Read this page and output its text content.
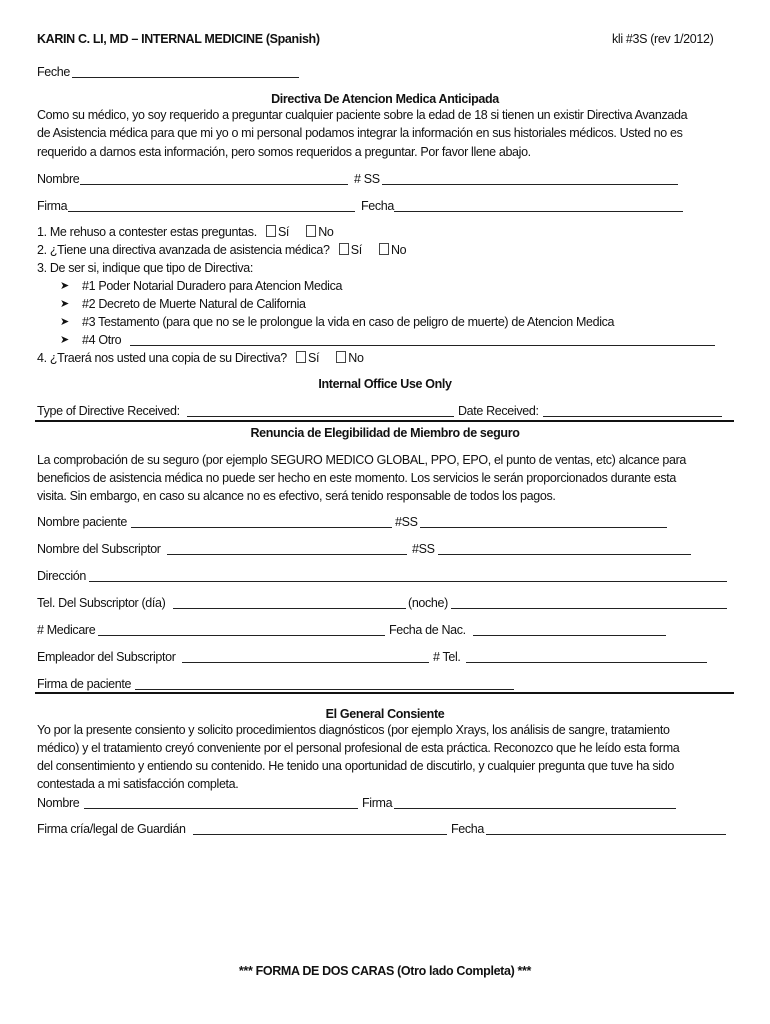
KARIN C. LI, MD – INTERNAL MEDICINE (Spanish)	kli #3S (rev 1/2012)
Feche
Directiva De Atencion Medica Anticipada
Como su médico, yo soy requerido a preguntar cualquier paciente sobre la edad de 18 si tienen un existir Directiva Avanzada
de Asistencia médica para que mi yo o mi personal podamos integrar la información en sus historiales médicos. Usted no es
requerido a darnos esta información, pero somos requeridos a preguntar. Por favor llene abajo.
Nombre	# SS
Firma	Fecha
1. Me rehuso a contester estas preguntas. Sí No
2. ¿Tiene una directiva avanzada de asistencia médica? Sí No
3. De ser si, indique que tipo de Directiva:
➤ #1 Poder Notarial Duradero para Atencion Medica
➤ #2 Decreto de Muerte Natural de California
➤ #3 Testamento (para que no se le prolongue la vida en caso de peligro de muerte) de Atencion Medica
➤ #4 Otro
4. ¿Traerá nos usted una copia de su Directiva? Sí No
Internal Office Use Only
Type of Directive Received:	Date Received:
Renuncia de Elegibilidad de Miembro de seguro
La comprobación de su seguro (por ejemplo SEGURO MEDICO GLOBAL, PPO, EPO, el punto de ventas, etc) alcance para
beneficios de asistencia médica no puede ser hecho en este momento. Los servicios le serán proporcionados durante esta
visita. Sin embargo, en caso su alcance no es efectivo, será tenido responsable de todos los pagos.
Nombre paciente	#SS
Nombre del Subscriptor	#SS
Dirección
Tel. Del Subscriptor (día)	(noche)
# Medicare	Fecha de Nac.
Empleador del Subscriptor	# Tel.
Firma de paciente
El General Consiente
Yo por la presente consiento y solicito procedimientos diagnósticos (por ejemplo Xrays, los análisis de sangre, tratamiento
médico) y el tratamiento creyó conveniente por el personal profesional de esta práctica. Reconozco que he leído esta forma
del consentimiento y entiendo su contenido. He tenido una oportunidad de discutirlo, y cualquier pregunta que tuve ha sido
contestada a mi satisfacción completa.
Nombre	Firma
Firma cría/legal de Guardián	Fecha
*** FORMA DE DOS CARAS (Otro lado Completa) ***
